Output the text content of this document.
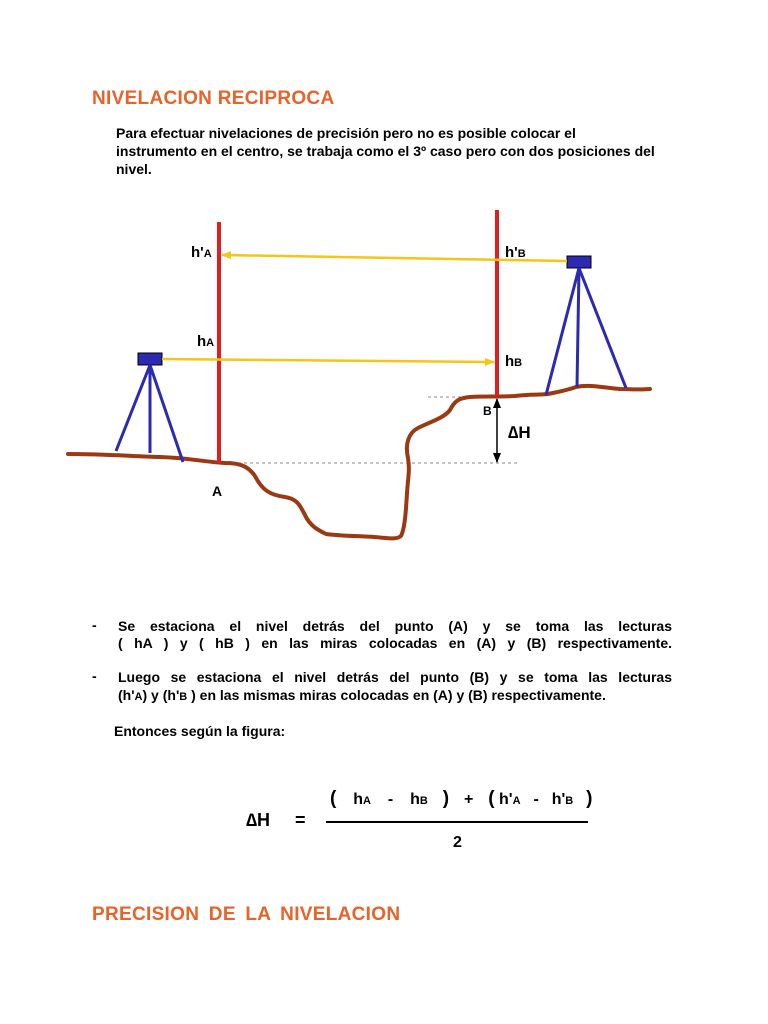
NIVELACION RECIPROCA
Para efectuar nivelaciones de precisión pero no es posible colocar el instrumento en el centro, se trabaja como el 3º caso pero con dos posiciones del nivel.
h'A	h'B
hA
hB
A
B
∆H
- Se estaciona el nivel detrás del punto (A) y se toma las lecturas
( hA ) y ( hB ) en las miras colocadas en (A) y (B) respectivamente.
- Luego se estaciona el nivel detrás del punto (B) y se toma las lecturas
(h'A) y (h'B ) en las mismas miras colocadas en (A) y (B) respectivamente.
Entonces según la figura:
∆H =
( hA - hB ) + ( h'A - h'B )
2
PRECISION DE LA NIVELACION
